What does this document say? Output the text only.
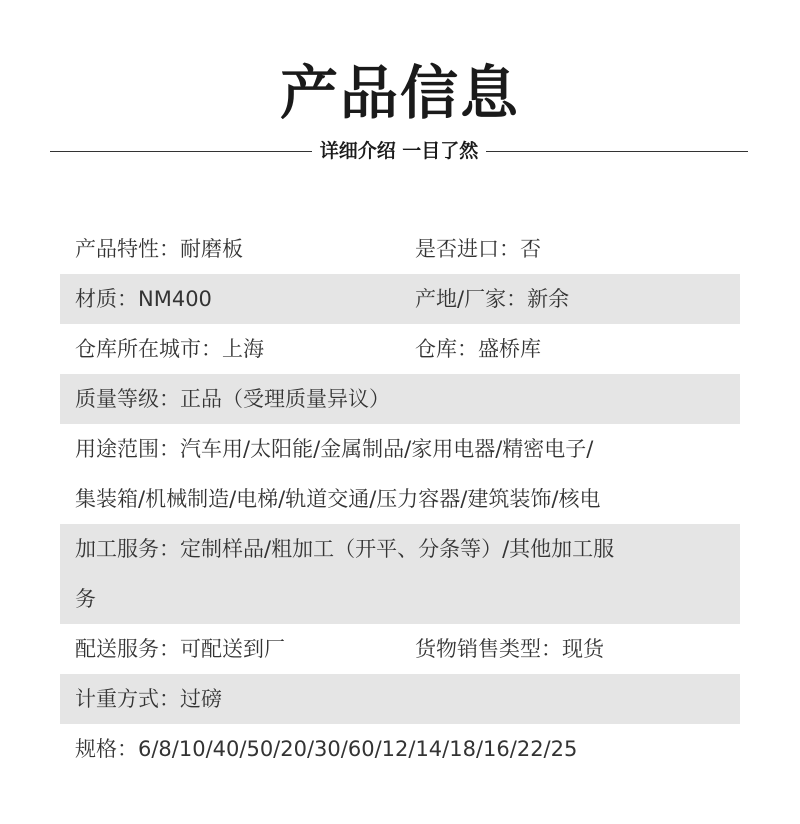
产品信息
详细介绍 一目了然
产品特性：耐磨板	是否进口：否
材质：NM400	产地/厂家：新余
仓库所在城市：上海	仓库：盛桥库
质量等级：正品（受理质量异议）
用途范围：汽车用/太阳能/金属制品/家用电器/精密电子/
集装箱/机械制造/电梯/轨道交通/压力容器/建筑装饰/核电
加工服务：定制样品/粗加工（开平、分条等）/其他加工服
务
配送服务：可配送到厂	货物销售类型：现货
计重方式：过磅
规格：6/8/10/40/50/20/30/60/12/14/18/16/22/25
